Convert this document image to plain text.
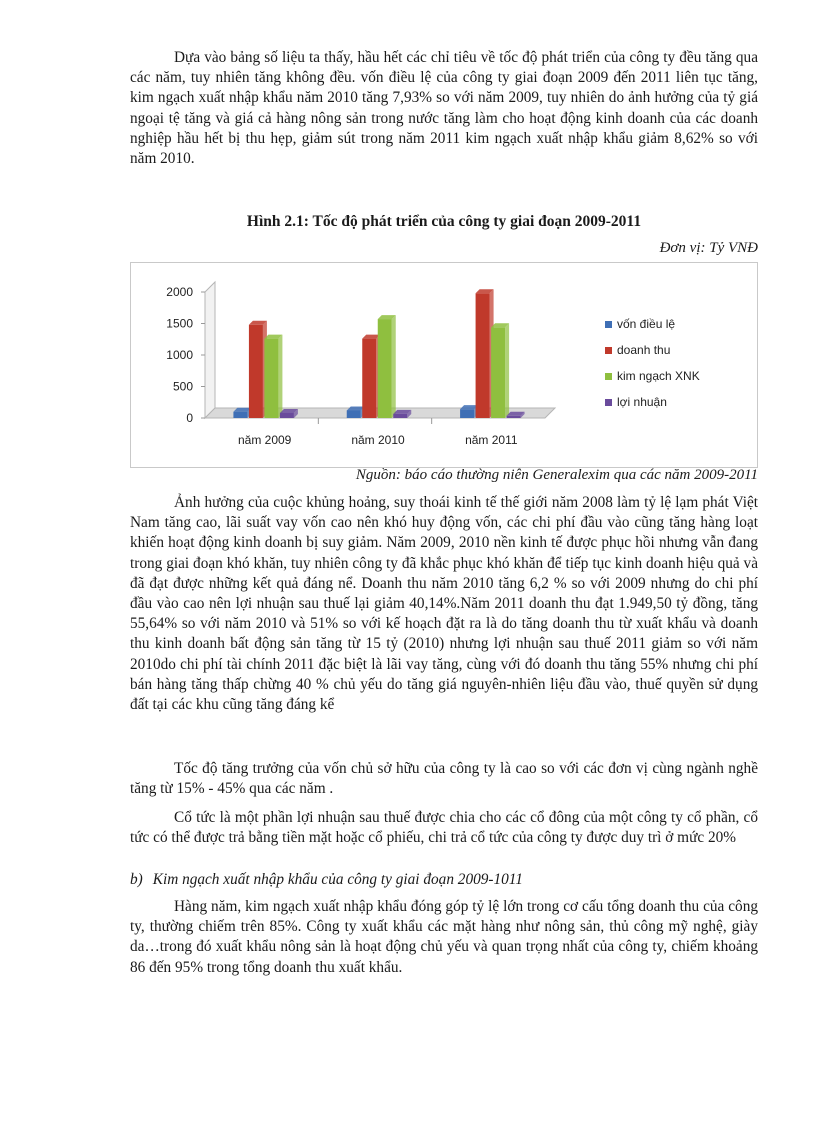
Dựa vào bảng số liệu ta thấy, hầu hết các chỉ tiêu về tốc độ phát triển của công ty đều tăng qua các năm, tuy nhiên tăng không đều. vốn điều lệ của công ty giai đoạn 2009 đến 2011 liên tục tăng, kim ngạch xuất nhập khẩu năm 2010 tăng 7,93% so với năm 2009, tuy nhiên do ảnh hưởng của tỷ giá ngoại tệ tăng và giá cả hàng nông sản trong nước tăng làm cho hoạt động kinh doanh của các doanh nghiệp hầu hết bị thu hẹp, giảm sút trong năm 2011 kim ngạch xuất nhập khẩu giảm 8,62% so với năm 2010.

Hình 2.1: Tốc độ phát triển của công ty giai đoạn 2009-2011
Đơn vị: Tỷ VNĐ
0
500
1000
1500
2000
năm 2009	năm 2010	năm 2011
vốn điều lệ
doanh thu
kim ngạch XNK
lợi nhuận
Nguồn: báo cáo thường niên Generalexim qua các năm 2009-2011

Ảnh hưởng của cuộc khủng hoảng, suy thoái kinh tế thế giới năm 2008 làm tỷ lệ lạm phát Việt Nam tăng cao, lãi suất vay vốn cao nên khó huy động vốn, các chi phí đầu vào cũng tăng hàng loạt khiến hoạt động kinh doanh bị suy giảm. Năm 2009, 2010 nền kinh tế được phục hồi nhưng vẫn đang trong giai đoạn khó khăn, tuy nhiên công ty đã khắc phục khó khăn để tiếp tục kinh doanh hiệu quả và đã đạt được những kết quả đáng nể. Doanh thu năm 2010 tăng 6,2 % so với 2009 nhưng do chi phí đầu vào cao nên lợi nhuận sau thuế lại giảm 40,14%.Năm 2011 doanh thu đạt 1.949,50 tỷ đồng, tăng 55,64% so với năm 2010 và 51% so với kế hoạch đặt ra là do tăng doanh thu từ xuất khẩu và doanh thu kinh doanh bất động sản tăng từ 15 tỷ (2010) nhưng lợi nhuận sau thuế 2011 giảm so với năm 2010do chi phí tài chính 2011 đặc biệt là lãi vay tăng, cùng với đó doanh thu tăng 55% nhưng chi phí bán hàng tăng thấp chừng 40 % chủ yếu do tăng giá nguyên-nhiên liệu đầu vào, thuế quyền sử dụng đất tại các khu cũng tăng đáng kể

Tốc độ tăng trưởng của vốn chủ sở hữu của công ty là cao so với các đơn vị cùng ngành nghề tăng từ 15% - 45% qua các năm .

Cổ tức là một phần lợi nhuận sau thuế được chia cho các cổ đông của một công ty cổ phần, cổ tức có thể được trả bằng tiền mặt hoặc cổ phiếu, chi trả cổ tức của công ty được duy trì ở mức 20%

b) Kim ngạch xuất nhập khẩu của công ty giai đoạn 2009-1011

Hàng năm, kim ngạch xuất nhập khẩu đóng góp tỷ lệ lớn trong cơ cấu tổng doanh thu của công ty, thường chiếm trên 85%. Công ty xuất khẩu các mặt hàng như nông sản, thủ công mỹ nghệ, giày da…trong đó xuất khẩu nông sản là hoạt động chủ yếu và quan trọng nhất của công ty, chiếm khoảng 86 đến 95% trong tổng doanh thu xuất khẩu.
